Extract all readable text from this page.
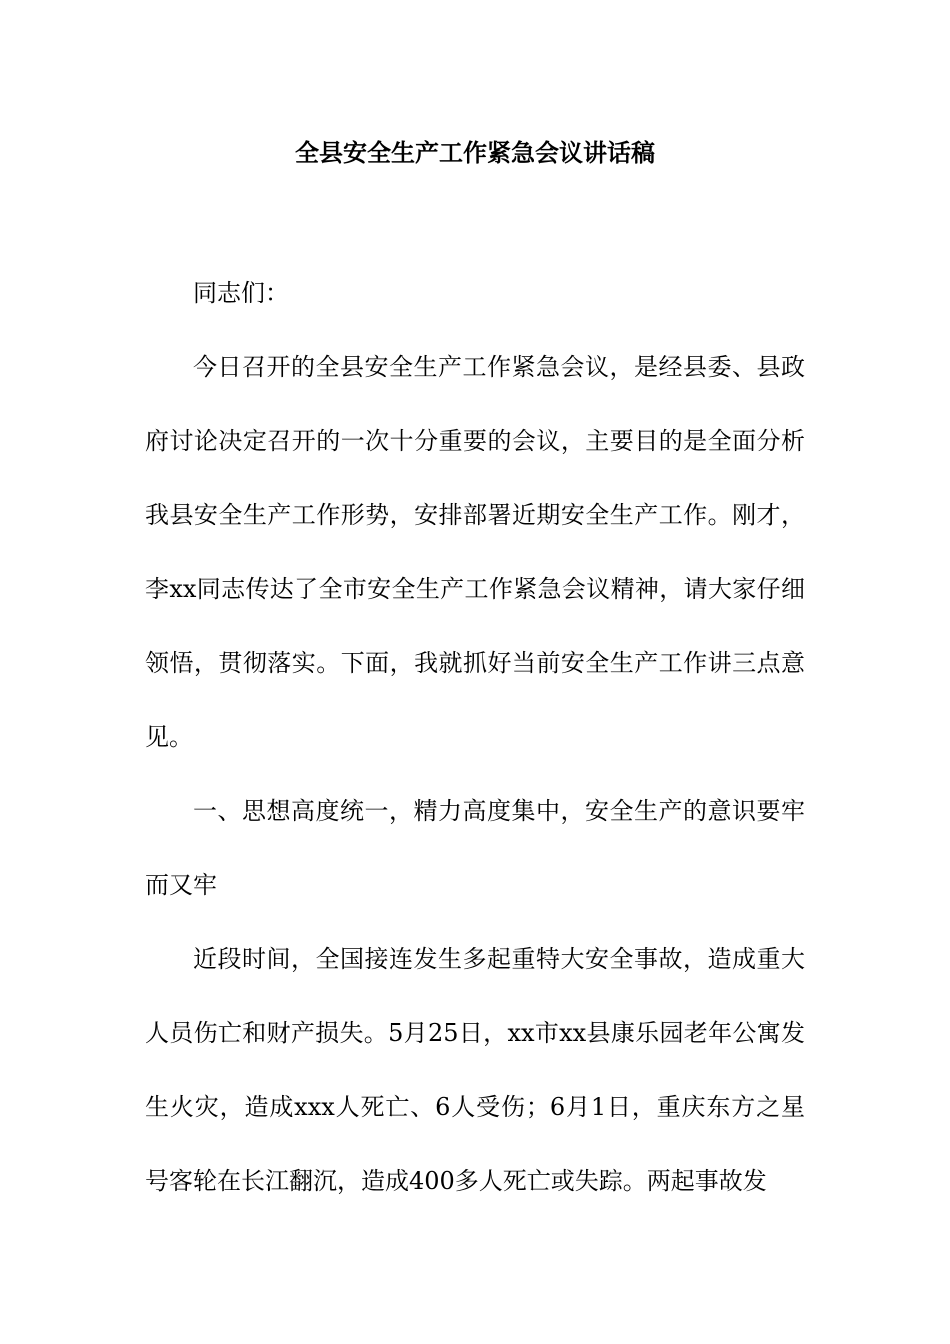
全县安全生产工作紧急会议讲话稿

同志们：

今日召开的全县安全生产工作紧急会议，是经县委、县政府讨论决定召开的一次十分重要的会议，主要目的是全面分析我县安全生产工作形势，安排部署近期安全生产工作。刚才，李xx同志传达了全市安全生产工作紧急会议精神，请大家仔细领悟，贯彻落实。下面，我就抓好当前安全生产工作讲三点意见。

一、思想高度统一，精力高度集中，安全生产的意识要牢而又牢

近段时间，全国接连发生多起重特大安全事故，造成重大人员伤亡和财产损失。5月25日，xx市xx县康乐园老年公寓发生火灾，造成xxx人死亡、6人受伤；6月1日，重庆东方之星号客轮在长江翻沉，造成400多人死亡或失踪。两起事故发
